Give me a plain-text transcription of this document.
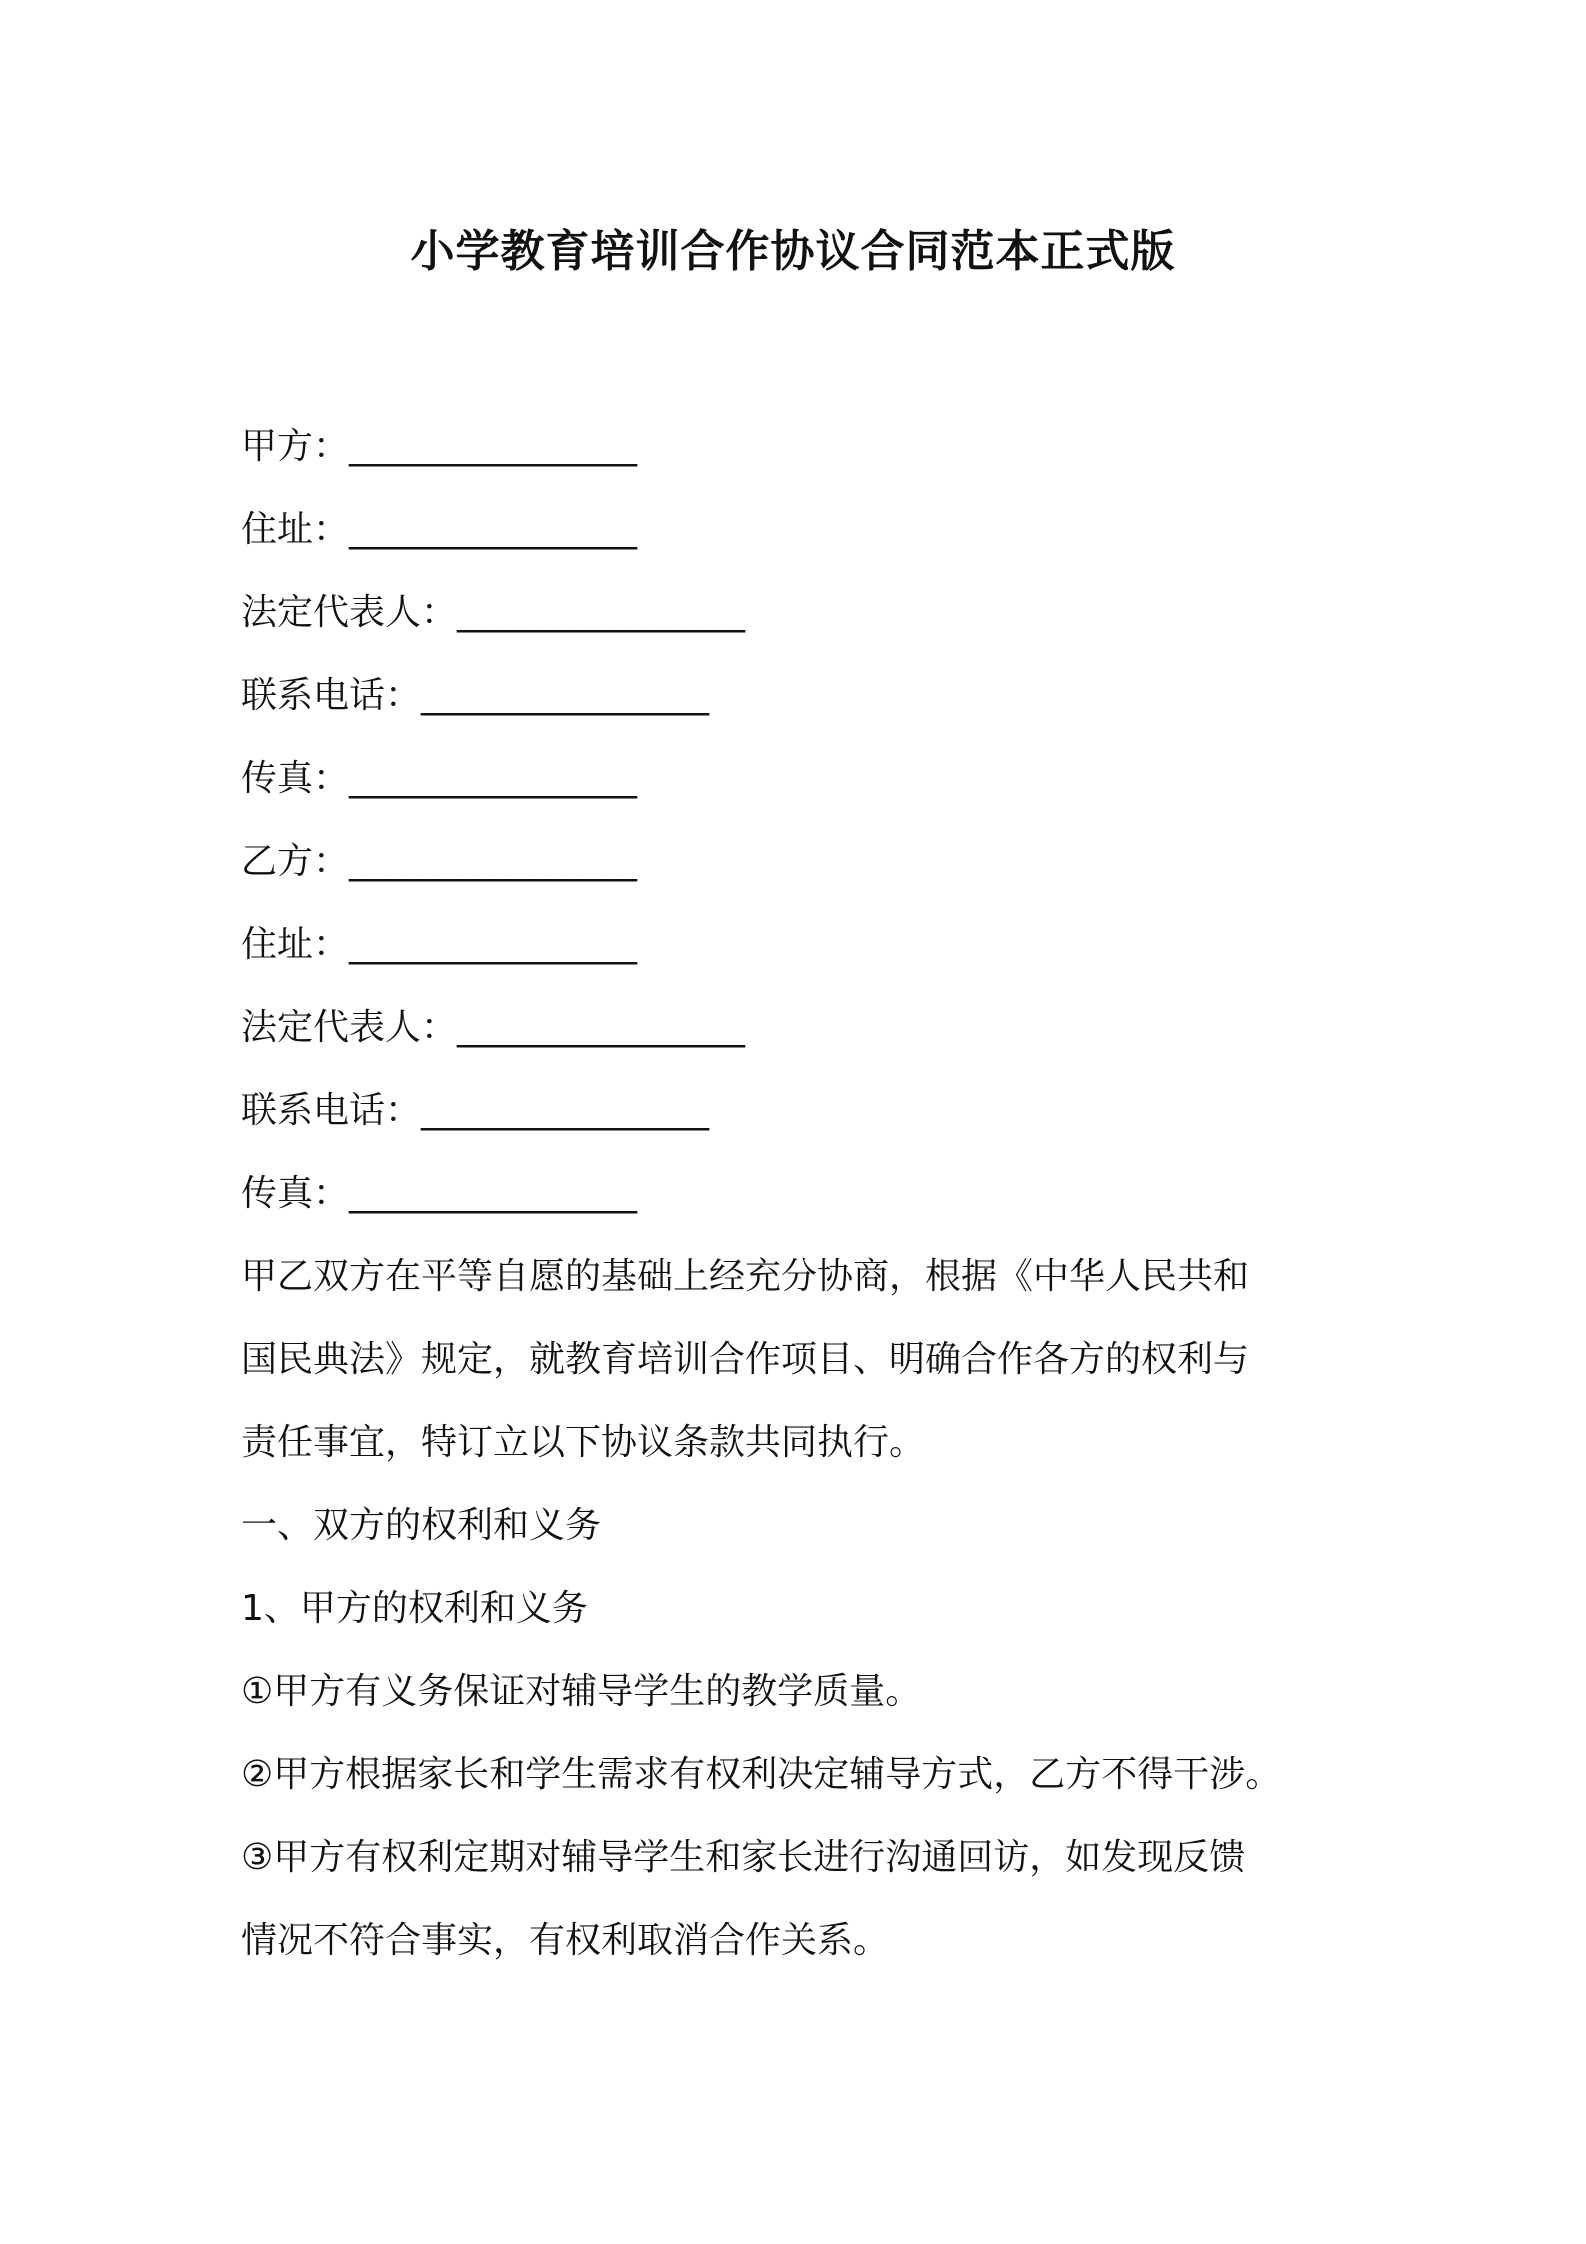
小学教育培训合作协议合同范本正式版
甲方：________________
住址：________________
法定代表人：________________
联系电话：________________
传真：________________
乙方：________________
住址：________________
法定代表人：________________
联系电话：________________
传真：________________
甲乙双方在平等自愿的基础上经充分协商，根据《中华人民共和
国民典法》规定，就教育培训合作项目、明确合作各方的权利与
责任事宜，特订立以下协议条款共同执行。
一、双方的权利和义务
1、甲方的权利和义务
①甲方有义务保证对辅导学生的教学质量。
②甲方根据家长和学生需求有权利决定辅导方式，乙方不得干涉。
③甲方有权利定期对辅导学生和家长进行沟通回访，如发现反馈
情况不符合事实，有权利取消合作关系。
